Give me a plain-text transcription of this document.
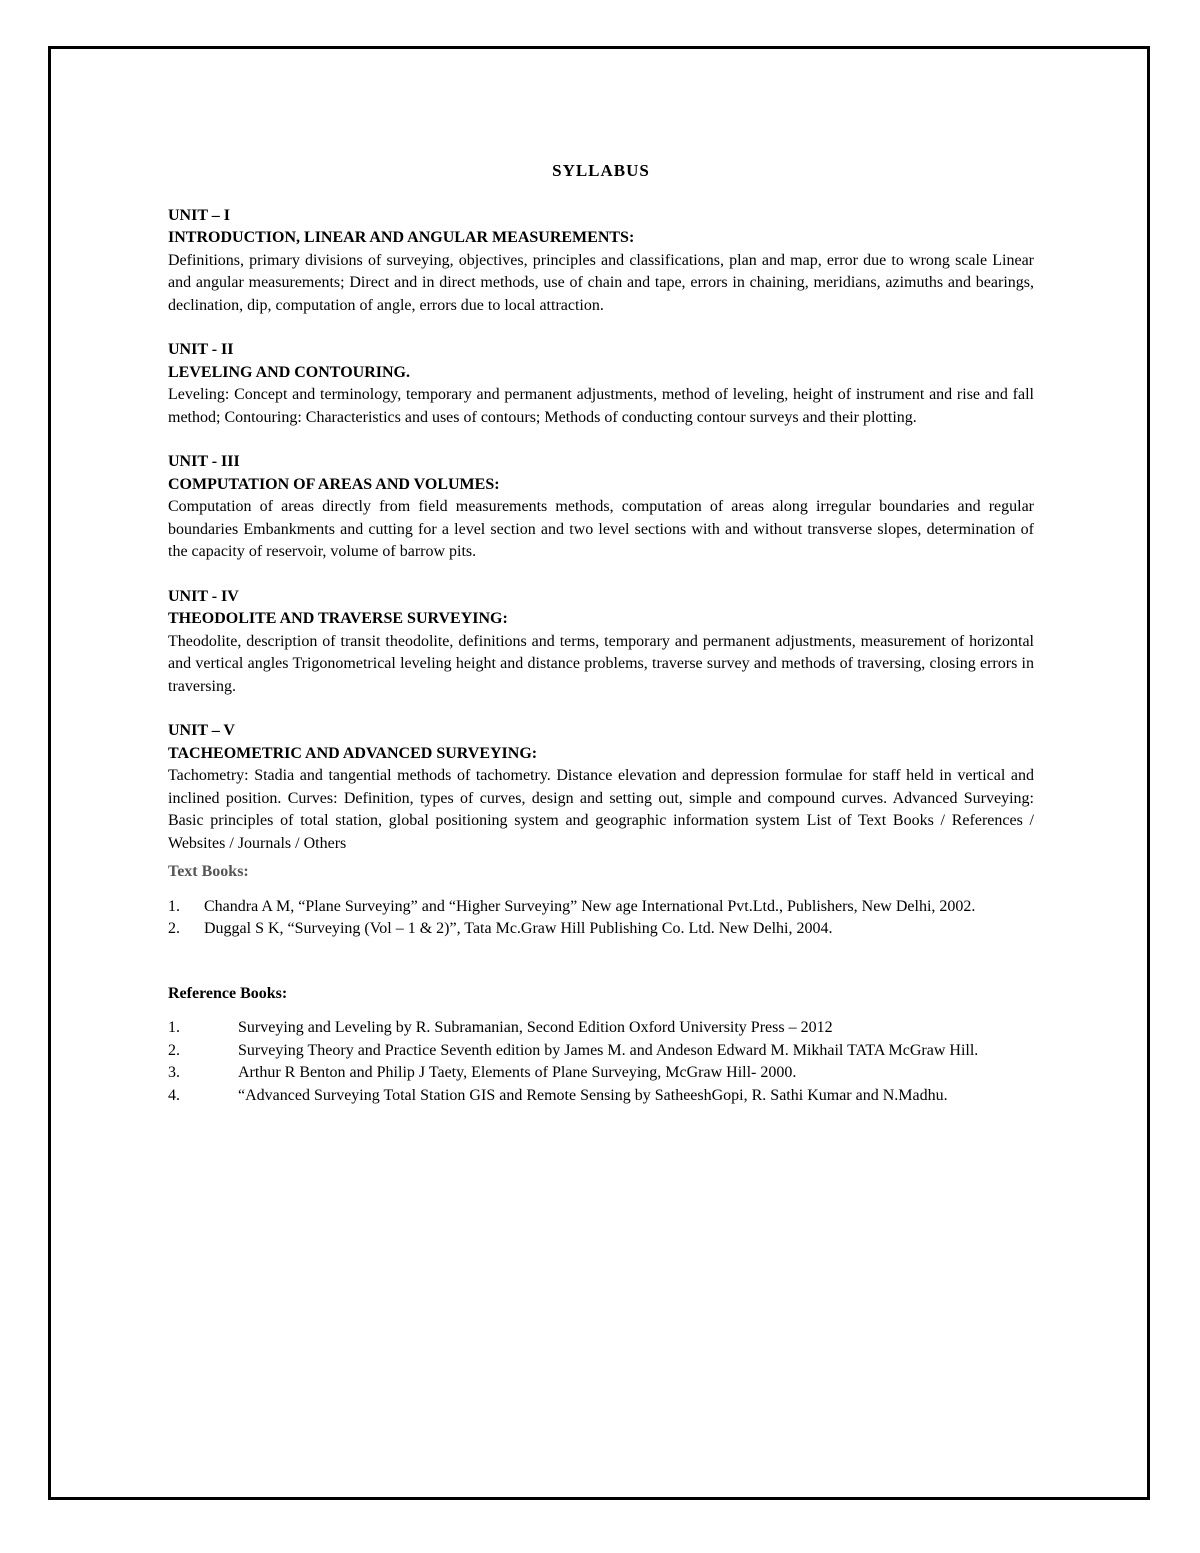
SYLLABUS

UNIT – I

INTRODUCTION, LINEAR AND ANGULAR MEASUREMENTS:

Definitions, primary divisions of surveying, objectives, principles and classifications, plan and map, error due to wrong scale Linear and angular measurements; Direct and in direct methods, use of chain and tape, errors in chaining, meridians, azimuths and bearings, declination, dip, computation of angle, errors due to local attraction.

UNIT - II

LEVELING AND CONTOURING.

Leveling: Concept and terminology, temporary and permanent adjustments, method of leveling, height of instrument and rise and fall method; Contouring: Characteristics and uses of contours; Methods of conducting contour surveys and their plotting.

UNIT - III

COMPUTATION OF AREAS AND VOLUMES:

Computation of areas directly from field measurements methods, computation of areas along irregular boundaries and regular boundaries Embankments and cutting for a level section and two level sections with and without transverse slopes, determination of the capacity of reservoir, volume of barrow pits.

UNIT - IV

THEODOLITE AND TRAVERSE SURVEYING:

Theodolite, description of transit theodolite, definitions and terms, temporary and permanent adjustments, measurement of horizontal and vertical angles Trigonometrical leveling height and distance problems, traverse survey and methods of traversing, closing errors in traversing.

UNIT – V

TACHEOMETRIC AND ADVANCED SURVEYING:

Tachometry: Stadia and tangential methods of tachometry. Distance elevation and depression formulae for staff held in vertical and inclined position. Curves: Definition, types of curves, design and setting out, simple and compound curves. Advanced Surveying: Basic principles of total station, global positioning system and geographic information system List of Text Books / References / Websites / Journals / Others

Text Books:

1.	Chandra A M, “Plane Surveying” and “Higher Surveying” New age International Pvt.Ltd., Publishers, New Delhi, 2002.
2.	Duggal S K, “Surveying (Vol – 1 & 2)”, Tata Mc.Graw Hill Publishing Co. Ltd. New Delhi, 2004.

Reference Books:

1.	Surveying and Leveling by R. Subramanian, Second Edition Oxford University Press – 2012
2.	Surveying Theory and Practice Seventh edition by James M. and Andeson Edward M. Mikhail TATA McGraw Hill.
3.	Arthur R Benton and Philip J Taety, Elements of Plane Surveying, McGraw Hill- 2000.
4.	“Advanced Surveying Total Station GIS and Remote Sensing by SatheeshGopi, R. Sathi Kumar and N.Madhu.
